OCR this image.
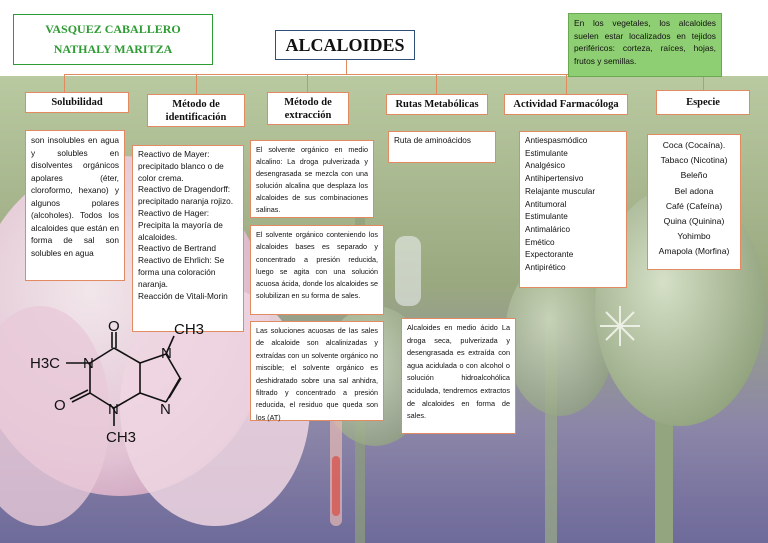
VASQUEZ CABALLERO
NATHALY MARITZA	ALCALOIDES
En los vegetales, los alcaloides suelen estar localizados en tejidos periféricos: corteza, raíces, hojas, frutos y semillas.
Solubilidad	Método de identificación
Método de extracción
Rutas Metabólicas	Actividad Farmacóloga	Especie
son insolubles en agua y solubles en disolventes orgánicos apolares (éter, cloroformo, hexano) y algunos polares (alcoholes). Todos los alcaloides que están en forma de sal son solubles en agua
Reactivo de Mayer: precipitado blanco o de color crema.
Reactivo de Dragendorff: precipitado naranja rojizo.
Reactivo de Hager: Precipita la mayoría de alcaloides.
Reactivo de Bertrand
Reactivo de Ehrlich: Se forma una coloración naranja.
Reacción de Vitali-Morin
El solvente orgánico en medio alcalino: La droga pulverizada y desengrasada se mezcla con una solución alcalina que desplaza los alcaloides de sus combinaciones salinas.
El solvente orgánico conteniendo los alcaloides bases es separado y concentrado a presión reducida, luego se agita con una solución acuosa ácida, donde los alcaloides se solubilizan en su forma de sales.
Las soluciones acuosas de las sales de alcaloide son alcalinizadas y extraídas con un solvente orgánico no miscible; el solvente orgánico es deshidratado sobre una sal anhidra, filtrado y concentrado a presión reducida, el residuo que queda son los (AT)
Ruta de aminoácidos
Alcaloides en medio ácido La droga seca, pulverizada y desengrasada es extraída con agua acidulada o con alcohol o solución hidroalcohólica acidulada, tendremos extractos de alcaloides en forma de sales.
Antiespasmódico
Estimulante
Analgésico
Antihipertensivo
Relajante muscular
Antitumoral
Estimulante
Antimalárico
Emético
Expectorante
Antipirético
Coca (Cocaína).
Tabaco (Nicotina)
Beleño
Bel adona
Café (Cafeína)
Quina (Quinina)
Yohimbo
Amapola (Morfina)
O	CH3
H3C N
N
O	N	N
CH3
